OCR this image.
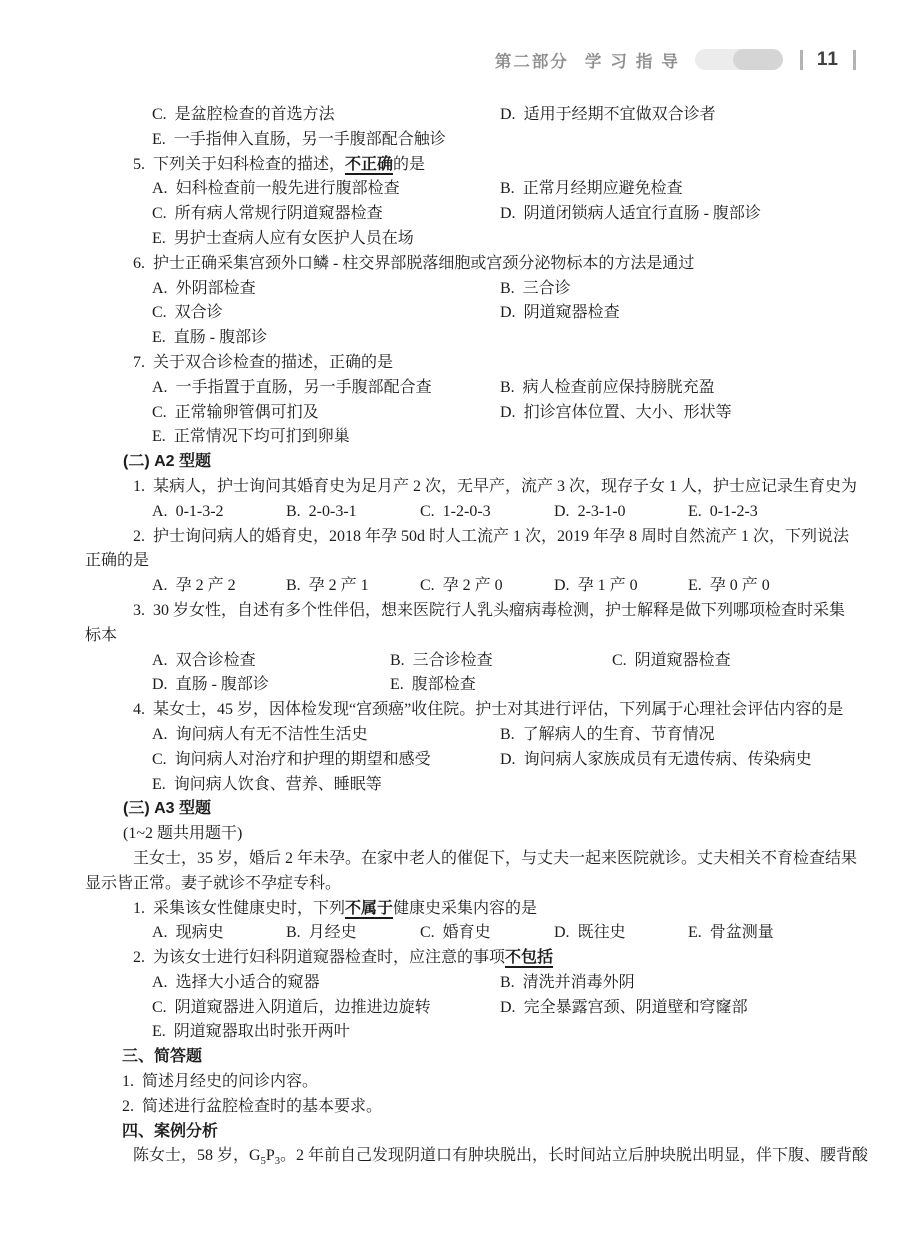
第二部分 学习指导	11
C. 是盆腔检查的首选方法	D. 适用于经期不宜做双合诊者
E. 一手指伸入直肠，另一手腹部配合触诊
5. 下列关于妇科检查的描述，不正确的是
A. 妇科检查前一般先进行腹部检查	B. 正常月经期应避免检查
C. 所有病人常规行阴道窥器检查	D. 阴道闭锁病人适宜行直肠 - 腹部诊
E. 男护士查病人应有女医护人员在场
6. 护士正确采集宫颈外口鳞 - 柱交界部脱落细胞或宫颈分泌物标本的方法是通过
A. 外阴部检查	B. 三合诊
C. 双合诊	D. 阴道窥器检查
E. 直肠 - 腹部诊
7. 关于双合诊检查的描述，正确的是
A. 一手指置于直肠，另一手腹部配合查	B. 病人检查前应保持膀胱充盈
C. 正常输卵管偶可扪及	D. 扪诊宫体位置、大小、形状等
E. 正常情况下均可扪到卵巢
(二) A2 型题
1. 某病人，护士询问其婚育史为足月产 2 次，无早产，流产 3 次，现存子女 1 人，护士应记录生育史为
A. 0-1-3-2	B. 2-0-3-1	C. 1-2-0-3	D. 2-3-1-0	E. 0-1-2-3
2. 护士询问病人的婚育史，2018 年孕 50d 时人工流产 1 次，2019 年孕 8 周时自然流产 1 次，下列说法
正确的是
A. 孕 2 产 2	B. 孕 2 产 1	C. 孕 2 产 0	D. 孕 1 产 0	E. 孕 0 产 0
3. 30 岁女性，自述有多个性伴侣，想来医院行人乳头瘤病毒检测，护士解释是做下列哪项检查时采集
标本
A. 双合诊检查	B. 三合诊检查	C. 阴道窥器检查
D. 直肠 - 腹部诊	E. 腹部检查
4. 某女士，45 岁，因体检发现“宫颈癌”收住院。护士对其进行评估，下列属于心理社会评估内容的是
A. 询问病人有无不洁性生活史	B. 了解病人的生育、节育情况
C. 询问病人对治疗和护理的期望和感受	D. 询问病人家族成员有无遗传病、传染病史
E. 询问病人饮食、营养、睡眠等
(三) A3 型题
(1~2 题共用题干)
王女士，35 岁，婚后 2 年未孕。在家中老人的催促下，与丈夫一起来医院就诊。丈夫相关不育检查结果
显示皆正常。妻子就诊不孕症专科。
1. 采集该女性健康史时，下列不属于健康史采集内容的是
A. 现病史	B. 月经史	C. 婚育史	D. 既往史	E. 骨盆测量
2. 为该女士进行妇科阴道窥器检查时，应注意的事项不包括
A. 选择大小适合的窥器	B. 清洗并消毒外阴
C. 阴道窥器进入阴道后，边推进边旋转	D. 完全暴露宫颈、阴道壁和穹窿部
E. 阴道窥器取出时张开两叶
三、简答题
1. 简述月经史的问诊内容。
2. 简述进行盆腔检查时的基本要求。
四、案例分析
陈女士，58 岁，$G_5P_3$。2 年前自己发现阴道口有肿块脱出，长时间站立后肿块脱出明显，伴下腹、腰背酸
